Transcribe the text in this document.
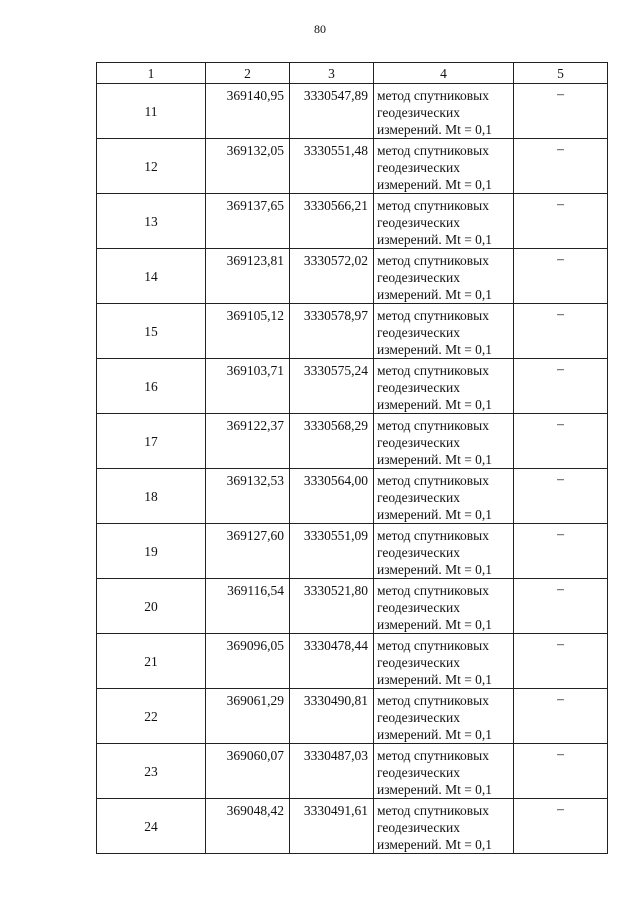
80
1	2	3	4	5
11	369140,95	3330547,89	метод спутниковых
геодезических
измерений. Mt = 0,1	–
12	369132,05	3330551,48	метод спутниковых
геодезических
измерений. Mt = 0,1	–
13	369137,65	3330566,21	метод спутниковых
геодезических
измерений. Mt = 0,1	–
14	369123,81	3330572,02	метод спутниковых
геодезических
измерений. Mt = 0,1	–
15	369105,12	3330578,97	метод спутниковых
геодезических
измерений. Mt = 0,1	–
16	369103,71	3330575,24	метод спутниковых
геодезических
измерений. Mt = 0,1	–
17	369122,37	3330568,29	метод спутниковых
геодезических
измерений. Mt = 0,1	–
18	369132,53	3330564,00	метод спутниковых
геодезических
измерений. Mt = 0,1	–
19	369127,60	3330551,09	метод спутниковых
геодезических
измерений. Mt = 0,1	–
20	369116,54	3330521,80	метод спутниковых
геодезических
измерений. Mt = 0,1	–
21	369096,05	3330478,44	метод спутниковых
геодезических
измерений. Mt = 0,1	–
22	369061,29	3330490,81	метод спутниковых
геодезических
измерений. Mt = 0,1	–
23	369060,07	3330487,03	метод спутниковых
геодезических
измерений. Mt = 0,1	–
24	369048,42	3330491,61	метод спутниковых
геодезических
измерений. Mt = 0,1	–
